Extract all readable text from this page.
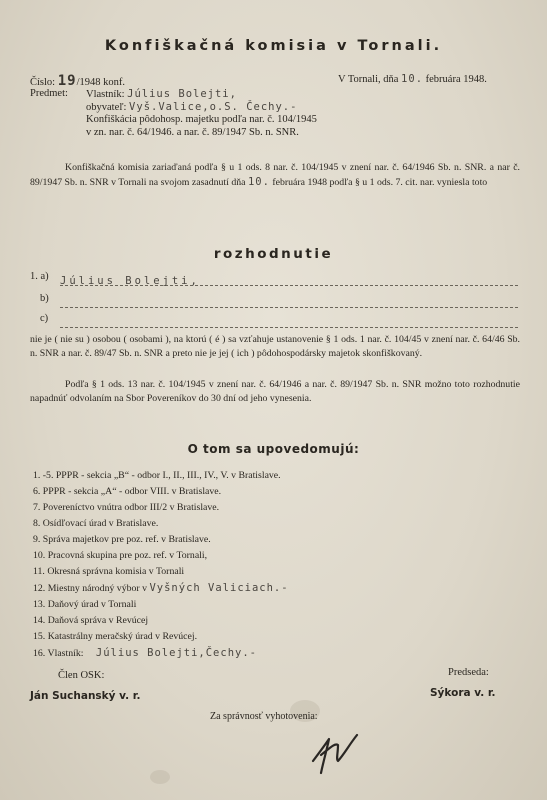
Konfiškačná komisia v Tornali.
Číslo: 19/1948 konf.	V Tornali, dňa 10. februára 1948.
Predmet: Vlastník: Július Bolejti,
obyvateľ: Vyš.Valice,o.S. Čechy.-
Konfiškácia pôdohosp. majetku podľa nar. č. 104/1945
v zn. nar. č. 64/1946. a nar. č. 89/1947 Sb. n. SNR.
Konfiškačná komisia zariaďaná podľa § u 1 ods. 8 nar. č. 104/1945 v znení nar. č. 64/1946 Sb. n. SNR. a nar č. 89/1947 Sb. n. SNR v Tornali na svojom zasadnutí dňa 10. februára 1948 podľa § u 1 ods. 7. cit. nar. vyniesla toto
rozhodnutie
1. a) Július Bolejti,
b)
c)
nie je ( nie su ) osobou ( osobami ), na ktorú ( é ) sa vzťahuje ustanovenie § 1 ods. 1 nar. č. 104/45 v znení nar. č. 64/46 Sb. n. SNR a nar. č. 89/47 Sb. n. SNR a preto nie je jej ( ich ) pôdohospodársky majetok skonfiškovaný.
Podľa § 1 ods. 13 nar. č. 104/1945 v znení nar. č. 64/1946 a nar. č. 89/1947 Sb. n. SNR možno toto rozhodnutie napadnúť odvolaním na Sbor Povereníkov do 30 dní od jeho vynesenia.
O tom sa upovedomujú:
1. -5. PPPR - sekcia „B“ - odbor I., II., III., IV., V. v Bratislave.
6. PPPR - sekcia „A“ - odbor VIII. v Bratislave.
7. Povereníctvo vnútra odbor III/2 v Bratislave.
8. Osídľovací úrad v Bratislave.
9. Správa majetkov pre poz. ref. v Bratislave.
10. Pracovná skupina pre poz. ref. v Tornali,
11. Okresná správna komisia v Tornali
12. Miestny národný výbor v Vyšných Valiciach.-
13. Daňový úrad v Tornali
14. Daňová správa v Revúcej
15. Katastrálny meračský úrad v Revúcej.
16. Vlastník: Július Bolejti,Čechy.-
Člen OSK:
Ján Suchanský v. r.
Predseda:
Sýkora v. r.
Za správnosť vyhotovenia:
